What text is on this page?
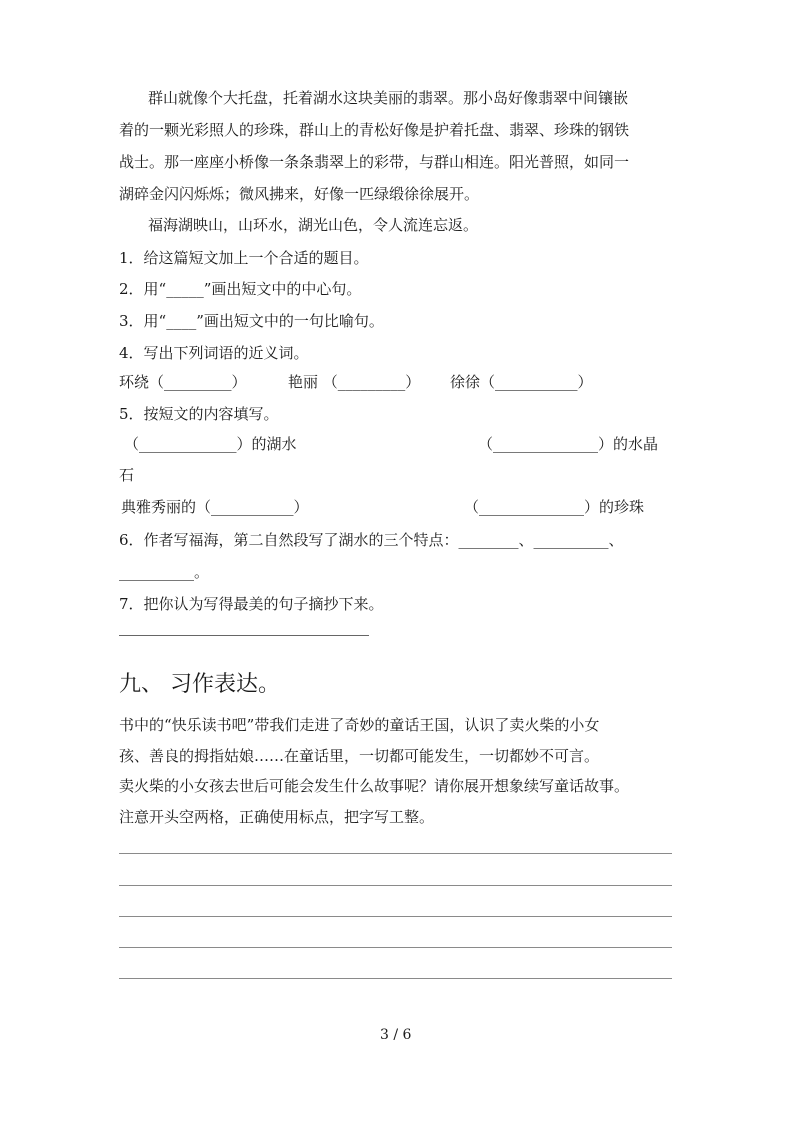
群山就像个大托盘，托着湖水这块美丽的翡翠。那小岛好像翡翠中间镶嵌
着的一颗光彩照人的珍珠，群山上的青松好像是护着托盘、翡翠、珍珠的钢铁
战士。那一座座小桥像一条条翡翠上的彩带，与群山相连。阳光普照，如同一
湖碎金闪闪烁烁；微风拂来，好像一匹绿缎徐徐展开。
福海湖映山，山环水，湖光山色，令人流连忘返。
1．给这篇短文加上一个合适的题目。
2．用“_____”画出短文中的中心句。
3．用“____”画出短文中的一句比喻句。
4．写出下列词语的近义词。
环绕（_________）	艳丽 （_________） 徐徐（___________）
5．按短文的内容填写。
（_____________）的湖水	（______________）的水晶
石
典雅秀丽的（___________）	（______________）的珍珠
6．作者写福海，第二自然段写了湖水的三个特点：________、__________、
__________。
7．把你认为写得最美的句子摘抄下来。
九、 习作表达。
书中的“快乐读书吧”带我们走进了奇妙的童话王国，认识了卖火柴的小女
孩、善良的拇指姑娘……在童话里，一切都可能发生，一切都妙不可言。
卖火柴的小女孩去世后可能会发生什么故事呢？请你展开想象续写童话故事。
注意开头空两格，正确使用标点，把字写工整。
3 / 6
